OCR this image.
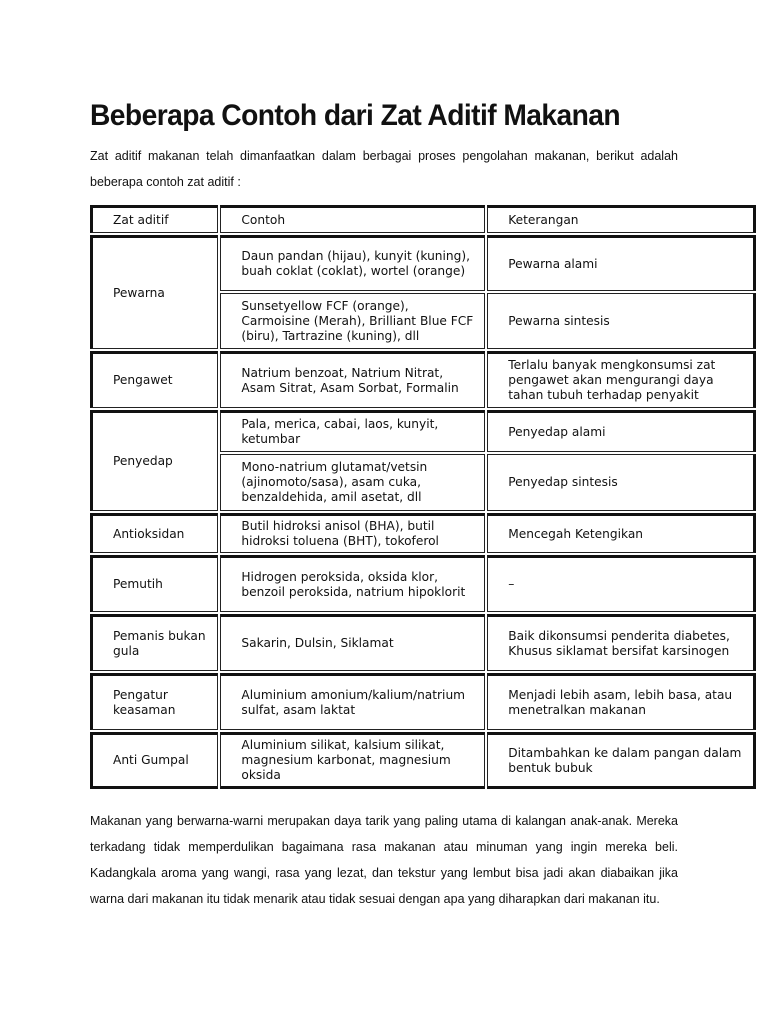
Beberapa Contoh dari Zat Aditif Makanan

Zat aditif makanan telah dimanfaatkan dalam berbagai proses pengolahan makanan, berikut adalah beberapa contoh zat aditif :

Zat aditif	Contoh	Keterangan
Pewarna	Daun pandan (hijau), kunyit (kuning), buah coklat (coklat), wortel (orange)	Pewarna alami
	Sunsetyellow FCF (orange), Carmoisine (Merah), Brilliant Blue FCF (biru), Tartrazine (kuning), dll	Pewarna sintesis
Pengawet	Natrium benzoat, Natrium Nitrat, Asam Sitrat, Asam Sorbat, Formalin	Terlalu banyak mengkonsumsi zat pengawet akan mengurangi daya tahan tubuh terhadap penyakit
Penyedap	Pala, merica, cabai, laos, kunyit, ketumbar	Penyedap alami
	Mono-natrium glutamat/vetsin (ajinomoto/sasa), asam cuka, benzaldehida, amil asetat, dll	Penyedap sintesis
Antioksidan	Butil hidroksi anisol (BHA), butil hidroksi toluena (BHT), tokoferol	Mencegah Ketengikan
Pemutih	Hidrogen peroksida, oksida klor, benzoil peroksida, natrium hipoklorit	–
Pemanis bukan gula	Sakarin, Dulsin, Siklamat	Baik dikonsumsi penderita diabetes, Khusus siklamat bersifat karsinogen
Pengatur keasaman	Aluminium amonium/kalium/natrium sulfat, asam laktat	Menjadi lebih asam, lebih basa, atau menetralkan makanan
Anti Gumpal	Aluminium silikat, kalsium silikat, magnesium karbonat, magnesium oksida	Ditambahkan ke dalam pangan dalam bentuk bubuk

Makanan yang berwarna-warni merupakan daya tarik yang paling utama di kalangan anak-anak. Mereka terkadang tidak memperdulikan bagaimana rasa makanan atau minuman yang ingin mereka beli. Kadangkala aroma yang wangi, rasa yang lezat, dan tekstur yang lembut bisa jadi akan diabaikan jika warna dari makanan itu tidak menarik atau tidak sesuai dengan apa yang diharapkan dari makanan itu.
